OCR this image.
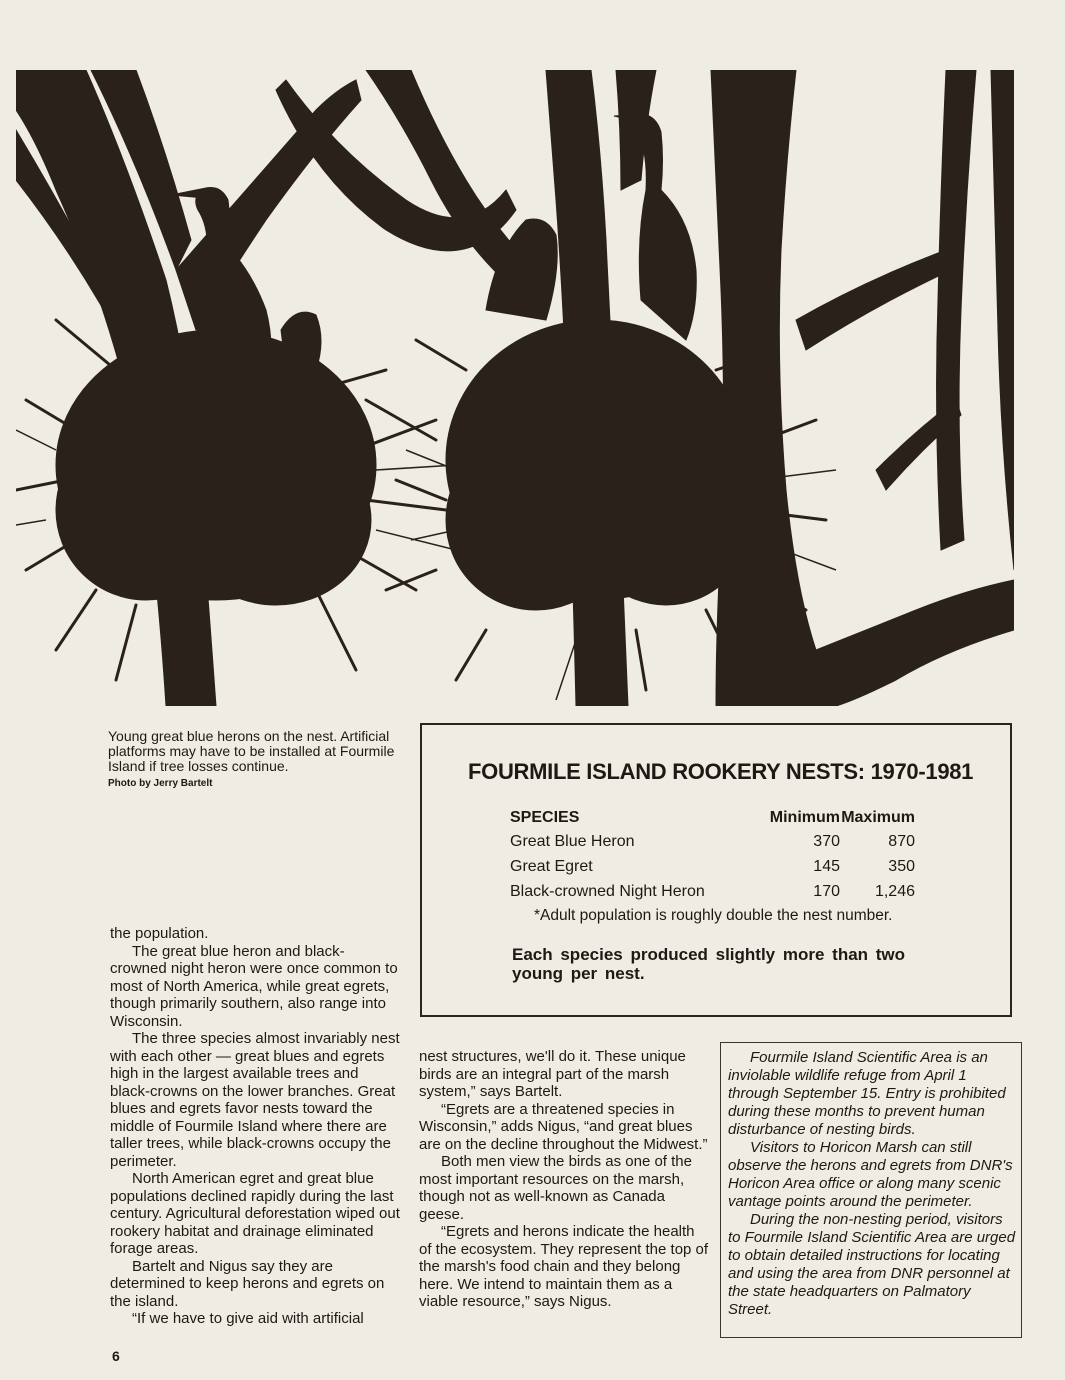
Young great blue herons on the nest. Artificial platforms may have to be installed at Fourmile Island if tree losses continue.
Photo by Jerry Bartelt	FOURMILE ISLAND ROOKERY NESTS: 1970-1981
SPECIES	Minimum Maximum
Great Blue Heron	370	870
Great Egret	145	350
Black-crowned Night Heron	170	1,246
*Adult population is roughly double the nest number.
Each species produced slightly more than two young per nest.

the population.

The great blue heron and black-crowned night heron were once common to most of North America, while great egrets, though primarily southern, also range into Wisconsin.

The three species almost invariably nest with each other — great blues and egrets high in the largest available trees and black-crowns on the lower branches. Great blues and egrets favor nests toward the middle of Fourmile Island where there are taller trees, while black-crowns occupy the perimeter.

North American egret and great blue populations declined rapidly during the last century. Agricultural deforestation wiped out rookery habitat and drainage eliminated forage areas.

Bartelt and Nigus say they are determined to keep herons and egrets on the island.

“If we have to give aid with artificial

nest structures, we'll do it. These unique birds are an integral part of the marsh system,” says Bartelt.

“Egrets are a threatened species in Wisconsin,” adds Nigus, “and great blues are on the decline throughout the Midwest.”

Both men view the birds as one of the most important resources on the marsh, though not as well-known as Canada geese.

“Egrets and herons indicate the health of the ecosystem. They represent the top of the marsh's food chain and they belong here. We intend to maintain them as a viable resource,” says Nigus.

Fourmile Island Scientific Area is an inviolable wildlife refuge from April 1 through September 15. Entry is prohibited during these months to prevent human disturbance of nesting birds.

Visitors to Horicon Marsh can still observe the herons and egrets from DNR's Horicon Area office or along many scenic vantage points around the perimeter.

During the non-nesting period, visitors to Fourmile Island Scientific Area are urged to obtain detailed instructions for locating and using the area from DNR personnel at the state headquarters on Palmatory Street.

6
